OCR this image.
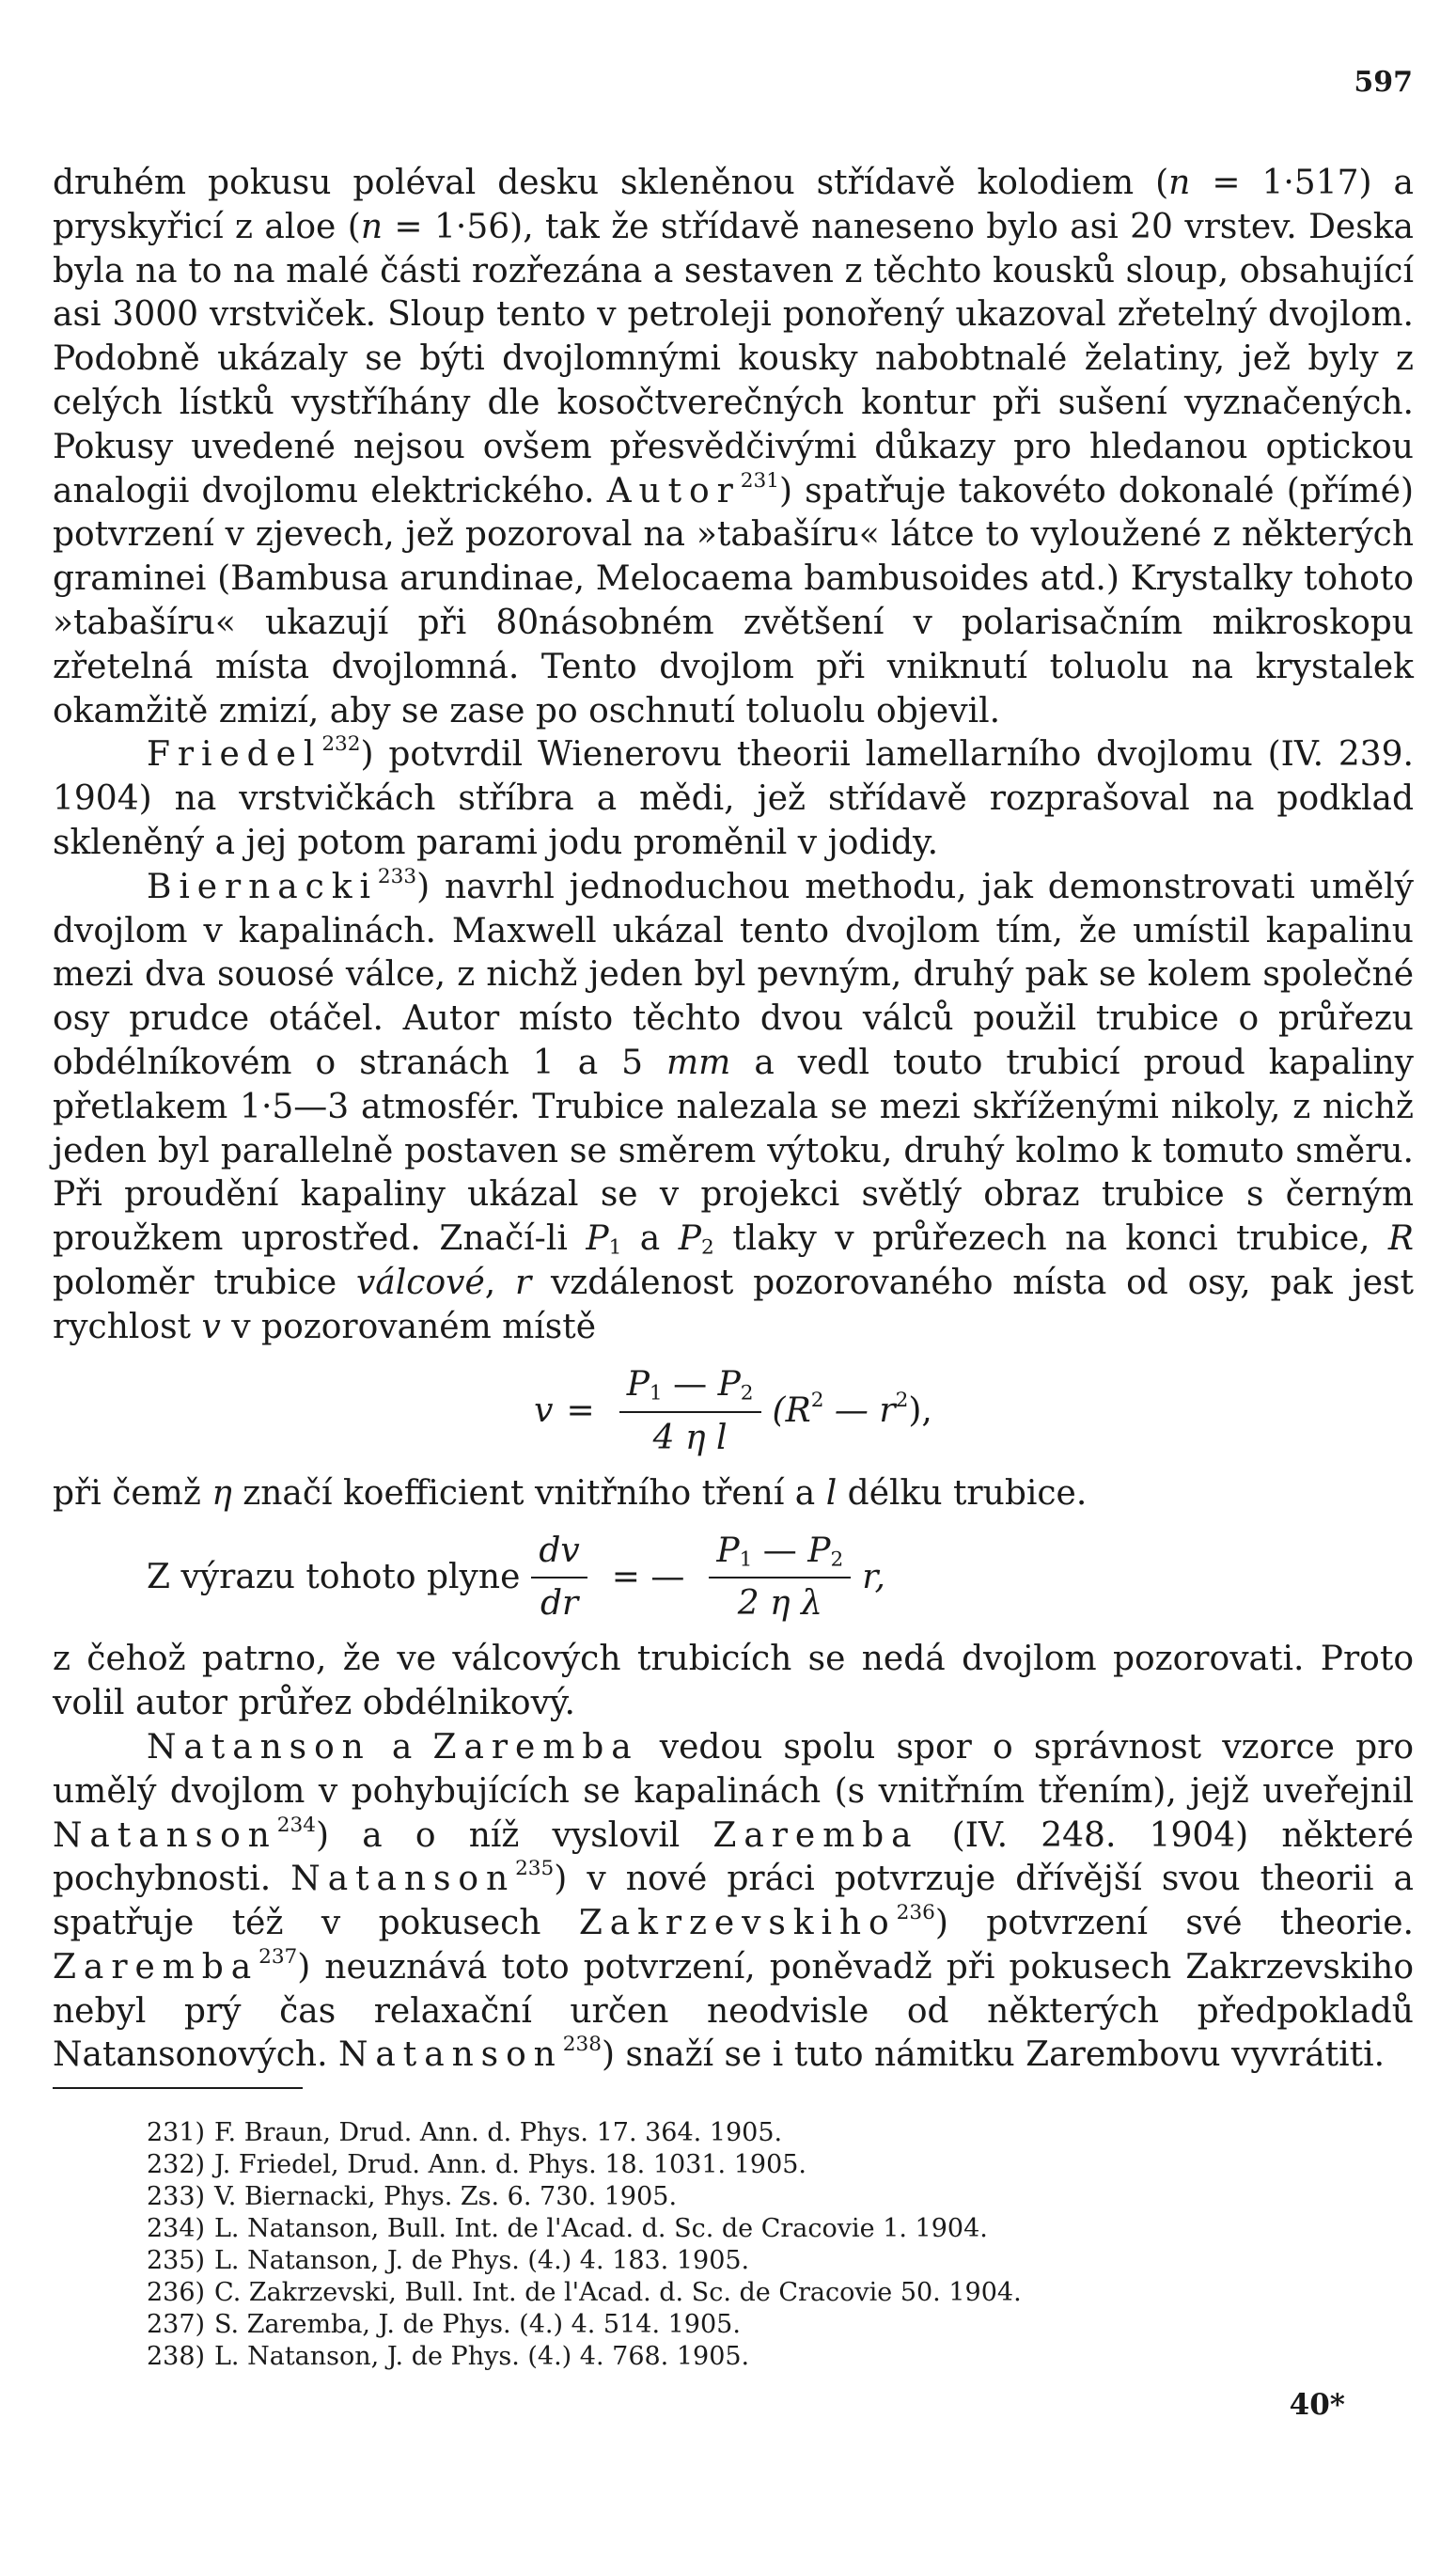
597

druhém pokusu poléval desku skleněnou střídavě kolodiem (n = 1·517) a pryskyřicí z aloe (n = 1·56), tak že střídavě naneseno bylo asi 20 vrstev. Deska byla na to na malé části rozřezána a sestaven z těchto kousků sloup, obsahující asi 3000 vrstviček. Sloup tento v petroleji ponořený ukazoval zřetelný dvojlom. Podobně ukázaly se býti dvojlomnými kousky nabobtnalé želatiny, jež byly z celých lístků vystříhány dle kosočtverečných kontur při sušení vyznačených. Pokusy uvedené nejsou ovšem přesvědčivými důkazy pro hledanou optickou analogii dvojlomu elektrického. Autor$^{231}$) spatřuje takovéto dokonalé (přímé) potvrzení v zjevech, jež pozoroval na »tabašíru« látce to vyloužené z některých graminei (Bambusa arundinae, Melocaema bambusoides atd.) Krystalky tohoto »tabašíru« ukazují při 80násobném zvětšení v polarisačním mikroskopu zřetelná místa dvojlomná. Tento dvojlom při vniknutí toluolu na krystalek okamžitě zmizí, aby se zase po oschnutí toluolu objevil.

Friedel$^{232}$) potvrdil Wienerovu theorii lamellarního dvojlomu (IV. 239. 1904) na vrstvičkách stříbra a mědi, jež střídavě rozprašoval na podklad skleněný a jej potom parami jodu proměnil v jodidy.

Biernacki$^{233}$) navrhl jednoduchou methodu, jak demonstrovati umělý dvojlom v kapalinách. Maxwell ukázal tento dvojlom tím, že umístil kapalinu mezi dva souosé válce, z nichž jeden byl pevným, druhý pak se kolem společné osy prudce otáčel. Autor místo těchto dvou válců použil trubice o průřezu obdélníkovém o stranách 1 a 5 mm a vedl touto trubicí proud kapaliny přetlakem 1·5—3 atmosfér. Trubice nalezala se mezi skříženými nikoly, z nichž jeden byl parallelně postaven se směrem výtoku, druhý kolmo k tomuto směru. Při proudění kapaliny ukázal se v projekci světlý obraz trubice s černým proužkem uprostřed. Značí-li $P_1$ a $P_2$ tlaky v průřezech na konci trubice, R poloměr trubice válcové, r vzdálenost pozorovaného místa od osy, pak jest rychlost v v pozorovaném místě

$v = \frac{P_1 — P_2}{\text{4 η l}} (R^2$ — $r^2$),

při čemž η značí koefficient vnitřního tření a l délku trubice.

Z výrazu tohoto plyne $\frac{dv}{dr}$ = — $\frac{P_1 — P_2}{\text{2 η λ}} r$,

z čehož patrno, že ve válcových trubicích se nedá dvojlom pozorovati. Proto volil autor průřez obdélnikový.

Natanson a Zaremba vedou spolu spor o správnost vzorce pro umělý dvojlom v pohybujících se kapalinách (s vnitřním třením), jejž uveřejnil Natanson$^{234}$) a o níž vyslovil Zaremba (IV. 248. 1904) některé pochybnosti. Natanson$^{235}$) v nové práci potvrzuje dřívější svou theorii a spatřuje též v pokusech Zakrzevskiho$^{236}$) potvrzení své theorie. Zaremba$^{237}$) neuznává toto potvrzení, poněvadž při pokusech Zakrzevskiho nebyl prý čas relaxační určen neodvisle od některých předpokladů Natansonových. Natanson$^{238}$) snaží se i tuto námitku Zarembovu vyvrátiti.

231) F. Braun, Drud. Ann. d. Phys. 17. 364. 1905.
232) J. Friedel, Drud. Ann. d. Phys. 18. 1031. 1905.
233) V. Biernacki, Phys. Zs. 6. 730. 1905.
234) L. Natanson, Bull. Int. de l'Acad. d. Sc. de Cracovie 1. 1904.
235) L. Natanson, J. de Phys. (4.) 4. 183. 1905.
236) C. Zakrzevski, Bull. Int. de l'Acad. d. Sc. de Cracovie 50. 1904.
237) S. Zaremba, J. de Phys. (4.) 4. 514. 1905.
238) L. Natanson, J. de Phys. (4.) 4. 768. 1905.
40*
